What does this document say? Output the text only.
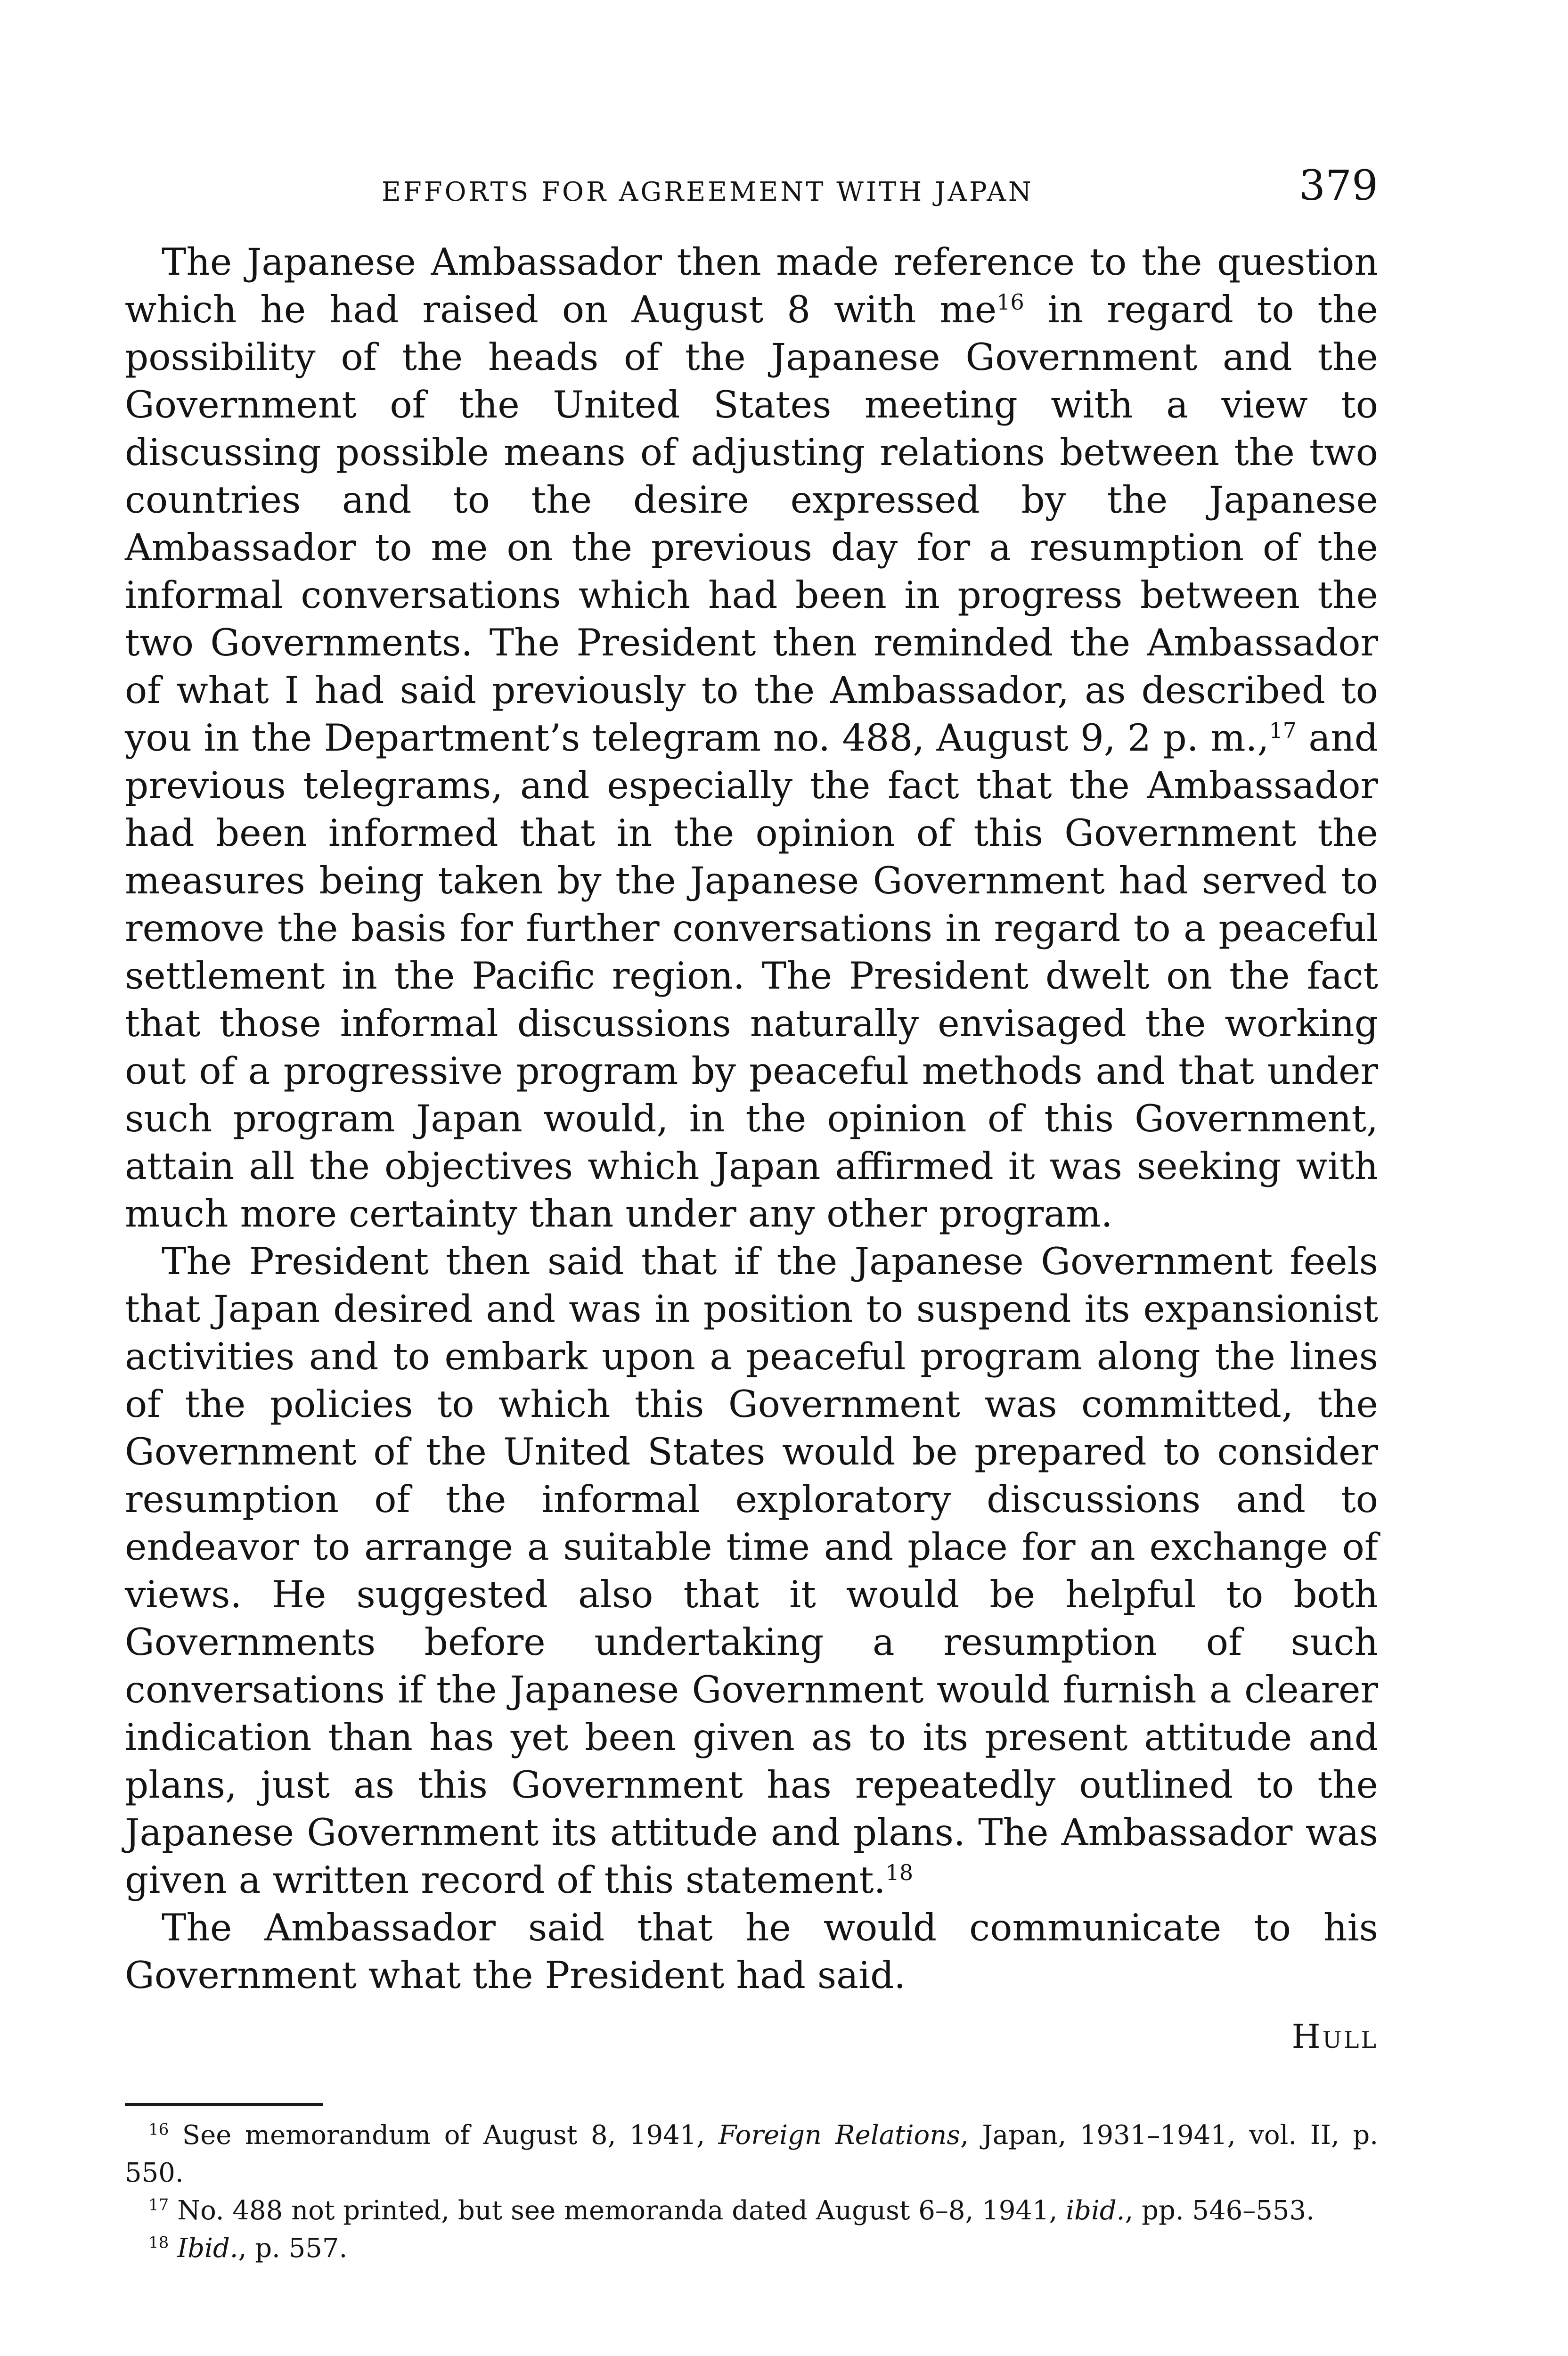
EFFORTS FOR AGREEMENT WITH JAPAN	379

The Japanese Ambassador then made reference to the question which he had raised on August 8 with $me^{16}$ in regard to the possibility of the heads of the Japanese Government and the Government of the United States meeting with a view to discussing possible means of adjusting relations between the two countries and to the desire expressed by the Japanese Ambassador to me on the previous day for a resumption of the informal conversations which had been in progress between the two Governments. The President then reminded the Ambassador of what I had said previously to the Ambassador, as described to you in the Department’s telegram no. 488, August 9, 2 p. m.,$^{17}$ and previous telegrams, and especially the fact that the Ambassador had been informed that in the opinion of this Government the measures being taken by the Japanese Government had served to remove the basis for further conversations in regard to a peaceful settlement in the Pacific region. The President dwelt on the fact that those informal discussions naturally envisaged the working out of a progressive program by peaceful methods and that under such program Japan would, in the opinion of this Government, attain all the objectives which Japan affirmed it was seeking with much more certainty than under any other program.

The President then said that if the Japanese Government feels that Japan desired and was in position to suspend its expansionist activities and to embark upon a peaceful program along the lines of the policies to which this Government was committed, the Government of the United States would be prepared to consider resumption of the informal exploratory discussions and to endeavor to arrange a suitable time and place for an exchange of views. He suggested also that it would be helpful to both Governments before undertaking a resumption of such conversations if the Japanese Government would furnish a clearer indication than has yet been given as to its present attitude and plans, just as this Government has repeatedly outlined to the Japanese Government its attitude and plans. The Ambassador was given a written record of this statement.$^{18}$

The Ambassador said that he would communicate to his Government what the President had said.

Hull

$^{16}$ See memorandum of August 8, 1941, Foreign Relations, Japan, 1931–1941, vol. II, p. 550.

$^{17}$ No. 488 not printed, but see memoranda dated August 6–8, 1941, ibid., pp. 546–553.

$^{18}$ Ibid., p. 557.
